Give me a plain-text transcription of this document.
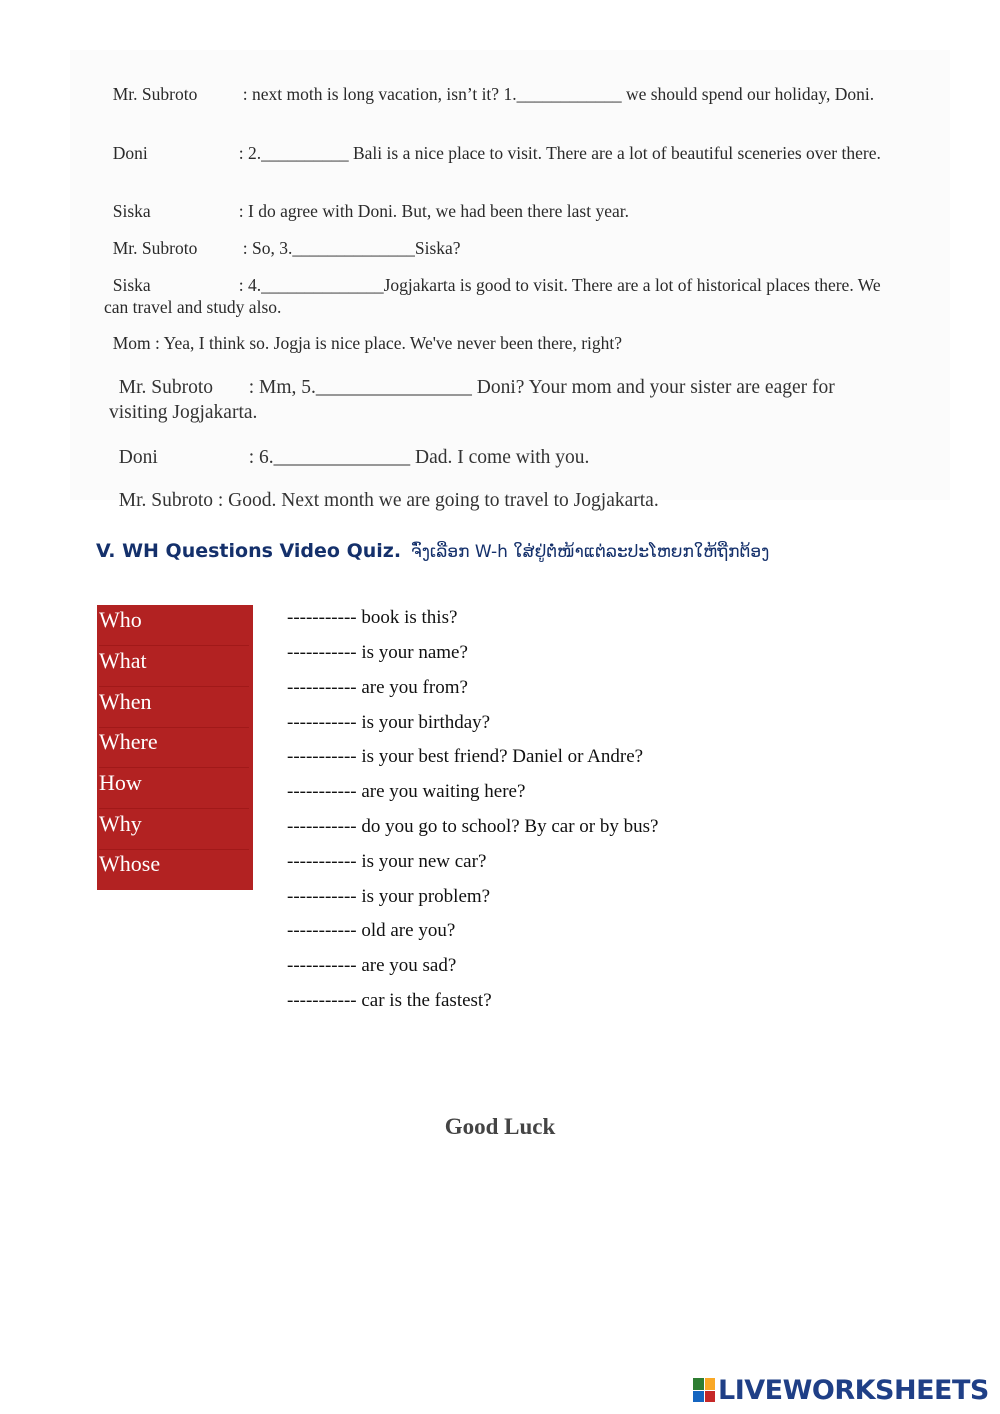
Mr. Subroto	: next moth is long vacation, isn’t it? 1.____________ we should spend our holiday, Doni.

Doni	: 2.__________ Bali is a nice place to visit. There are a lot of beautiful sceneries over there.

Siska	: I do agree with Doni. But, we had been there last year.

Mr. Subroto	: So, 3.______________Siska?

Siska	: 4.______________Jogjakarta is good to visit. There are a lot of historical places there. We can travel and study also.

Mom : Yea, I think so. Jogja is nice place. We've never been there, right?

Mr. Subroto : Mm, 5.________________ Doni? Your mom and your sister are eager for visiting Jogjakarta.

Doni	: 6.______________ Dad. I come with you.

Mr. Subroto : Good. Next month we are going to travel to Jogjakarta.

V. WH Questions Video Quiz. ຈົ່ງເລືອກ W-h ໃສ່ຢູ່ຕໍ່ໜ້າແຕ່ລະປະໂຫຍກໃຫ້ຖືກຕ້ອງ
Who
What
When
Where
How
Why
Whose
----------- book is this?
----------- is your name?
----------- are you from?
----------- is your birthday?
----------- is your best friend? Daniel or Andre?
----------- are you waiting here?
----------- do you go to school? By car or by bus?
----------- is your new car?
----------- is your problem?
----------- old are you?
----------- are you sad?
----------- car is the fastest?
Good Luck
LIVEWORKSHEETS
